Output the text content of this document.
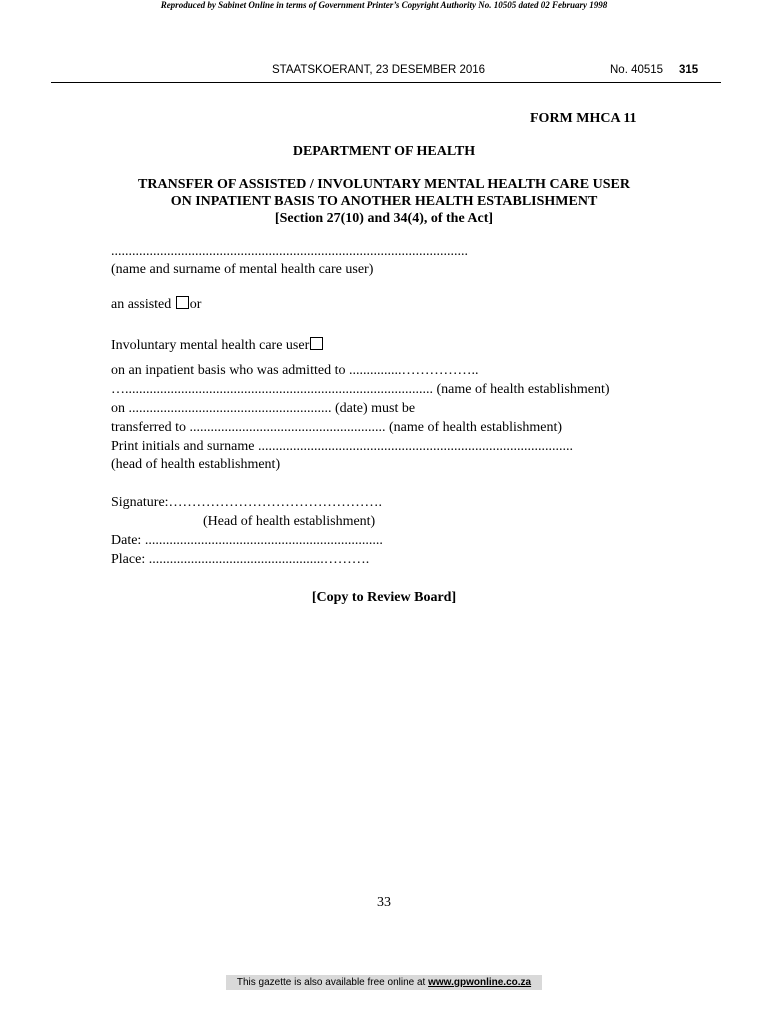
Reproduced by Sabinet Online in terms of Government Printer’s Copyright Authority No. 10505 dated 02 February 1998
STAATSKOERANT, 23 DESEMBER 2016	No. 40515 315
FORM MHCA 11
DEPARTMENT OF HEALTH
TRANSFER OF ASSISTED / INVOLUNTARY MENTAL HEALTH CARE USER
ON INPATIENT BASIS TO ANOTHER HEALTH ESTABLISHMENT
[Section 27(10) and 34(4), of the Act]
......................................................................................................
(name and surname of mental health care user)
an assisted or
Involuntary mental health care user
on an inpatient basis who was admitted to ...............……………..
…........................................................................................ (name of health establishment)
on .......................................................... (date) must be
transferred to ........................................................ (name of health establishment)
Print initials and surname ..........................................................................................
(head of health establishment)
Signature:……………………………………….
(Head of health establishment)
Date: ....................................................................
Place: ..................................................……….
[Copy to Review Board]
33
This gazette is also available free online at www.gpwonline.co.za
